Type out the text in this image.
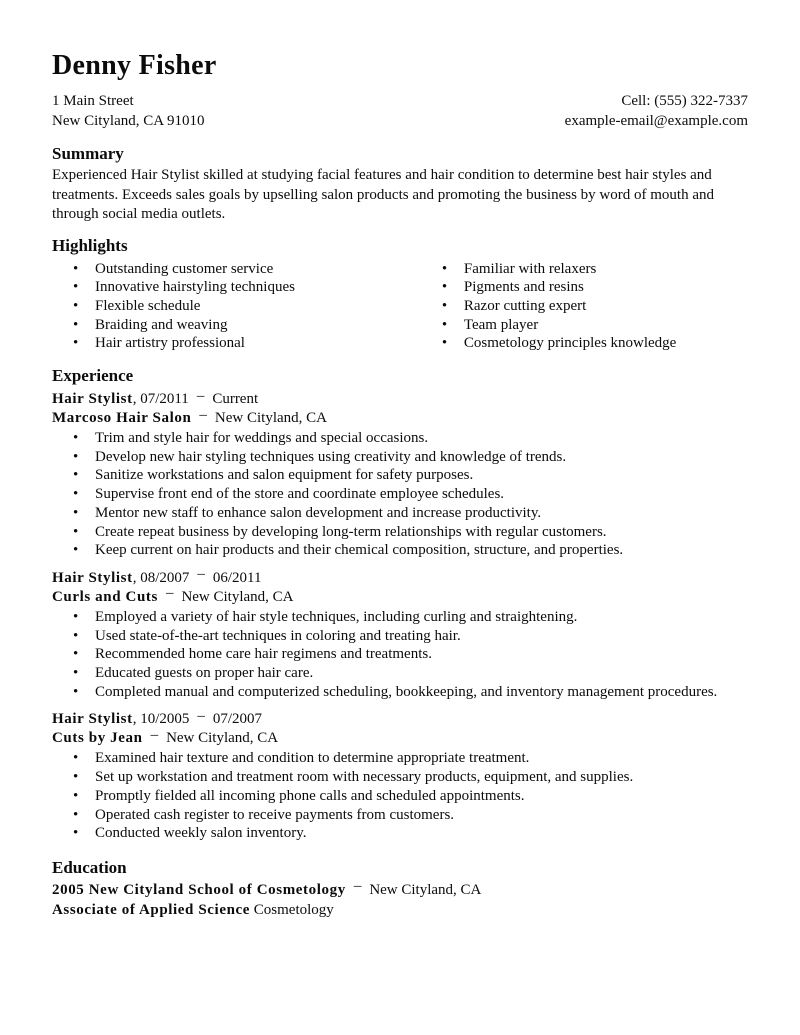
Denny Fisher

1 Main Street

New Cityland, CA 91010

Cell: (555) 322-7337

example-email@example.com

Summary

Experienced Hair Stylist skilled at studying facial features and hair condition to determine best hair styles and treatments. Exceeds sales goals by upselling salon products and promoting the business by word of mouth and through social media outlets.

Highlights
• Outstanding customer service
• Innovative hairstyling techniques
• Flexible schedule
• Braiding and weaving
• Hair artistry professional
• Familiar with relaxers
• Pigments and resins
• Razor cutting expert
• Team player
• Cosmetology principles knowledge
Experience

Hair Stylist, 07/2011 – Current

Marcoso Hair Salon – New Cityland, CA

• Trim and style hair for weddings and special occasions.
• Develop new hair styling techniques using creativity and knowledge of trends.
• Sanitize workstations and salon equipment for safety purposes.
• Supervise front end of the store and coordinate employee schedules.
• Mentor new staff to enhance salon development and increase productivity.
• Create repeat business by developing long-term relationships with regular customers.
• Keep current on hair products and their chemical composition, structure, and properties.

Hair Stylist, 08/2007 – 06/2011

Curls and Cuts – New Cityland, CA

• Employed a variety of hair style techniques, including curling and straightening.
• Used state-of-the-art techniques in coloring and treating hair.
• Recommended home care hair regimens and treatments.
• Educated guests on proper hair care.
• Completed manual and computerized scheduling, bookkeeping, and inventory management procedures.

Hair Stylist, 10/2005 – 07/2007

Cuts by Jean – New Cityland, CA

• Examined hair texture and condition to determine appropriate treatment.
• Set up workstation and treatment room with necessary products, equipment, and supplies.
• Promptly fielded all incoming phone calls and scheduled appointments.
• Operated cash register to receive payments from customers.
• Conducted weekly salon inventory.
Education

2005 New Cityland School of Cosmetology – New Cityland, CA

Associate of Applied Science Cosmetology
